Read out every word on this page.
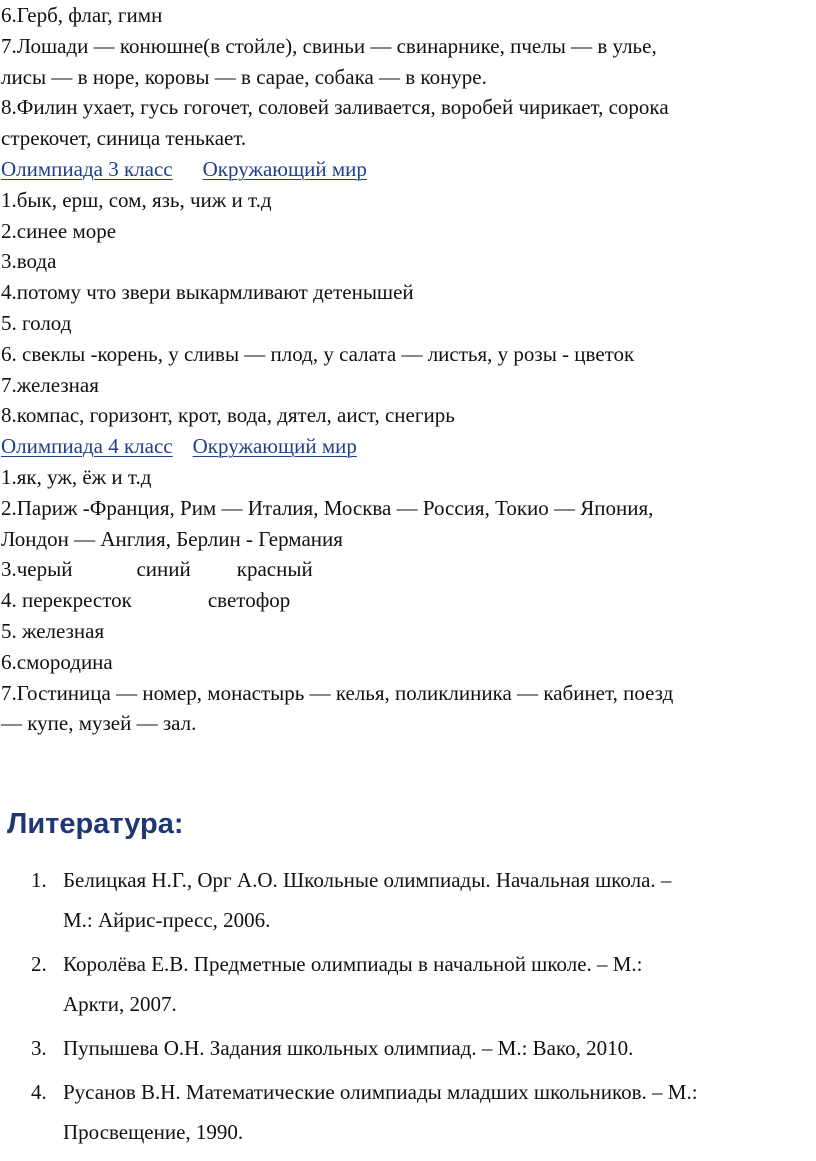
6.Герб, флаг, гимн
7.Лошади — конюшне(в стойле), свиньи — свинарнике, пчелы — в улье,
лисы — в норе, коровы — в сарае, собака — в конуре.
8.Филин ухает, гусь гогочет, соловей заливается, воробей чирикает, сорока
стрекочет, синица тенькает.
Олимпиада 3 класс Окружающий мир
1.бык, ерш, сом, язь, чиж и т.д
2.синее море
3.вода
4.потому что звери выкармливают детенышей
5. голод
6. свеклы -корень, у сливы — плод, у салата — листья, у розы - цветок
7.железная
8.компас, горизонт, крот, вода, дятел, аист, снегирь
Олимпиада 4 класс Окружающий мир
1.як, уж, ёж и т.д
2.Париж -Франция, Рим — Италия, Москва — Россия, Токио — Япония,
Лондон — Англия, Берлин - Германия
3.черый	синий красный
4. перекресток	светофор
5. железная
6.смородина
7.Гостиница — номер, монастырь — келья, поликлиника — кабинет, поезд
— купе, музей — зал.
Литература:
1. Белицкая Н.Г., Орг А.О. Школьные олимпиады. Начальная школа. –
М.: Айрис-пресс, 2006.
2. Королёва Е.В. Предметные олимпиады в начальной школе. – М.:
Аркти, 2007.
3. Пупышева О.Н. Задания школьных олимпиад. – М.: Вако, 2010.
4. Русанов В.Н. Математические олимпиады младших школьников. – М.:
Просвещение, 1990.
